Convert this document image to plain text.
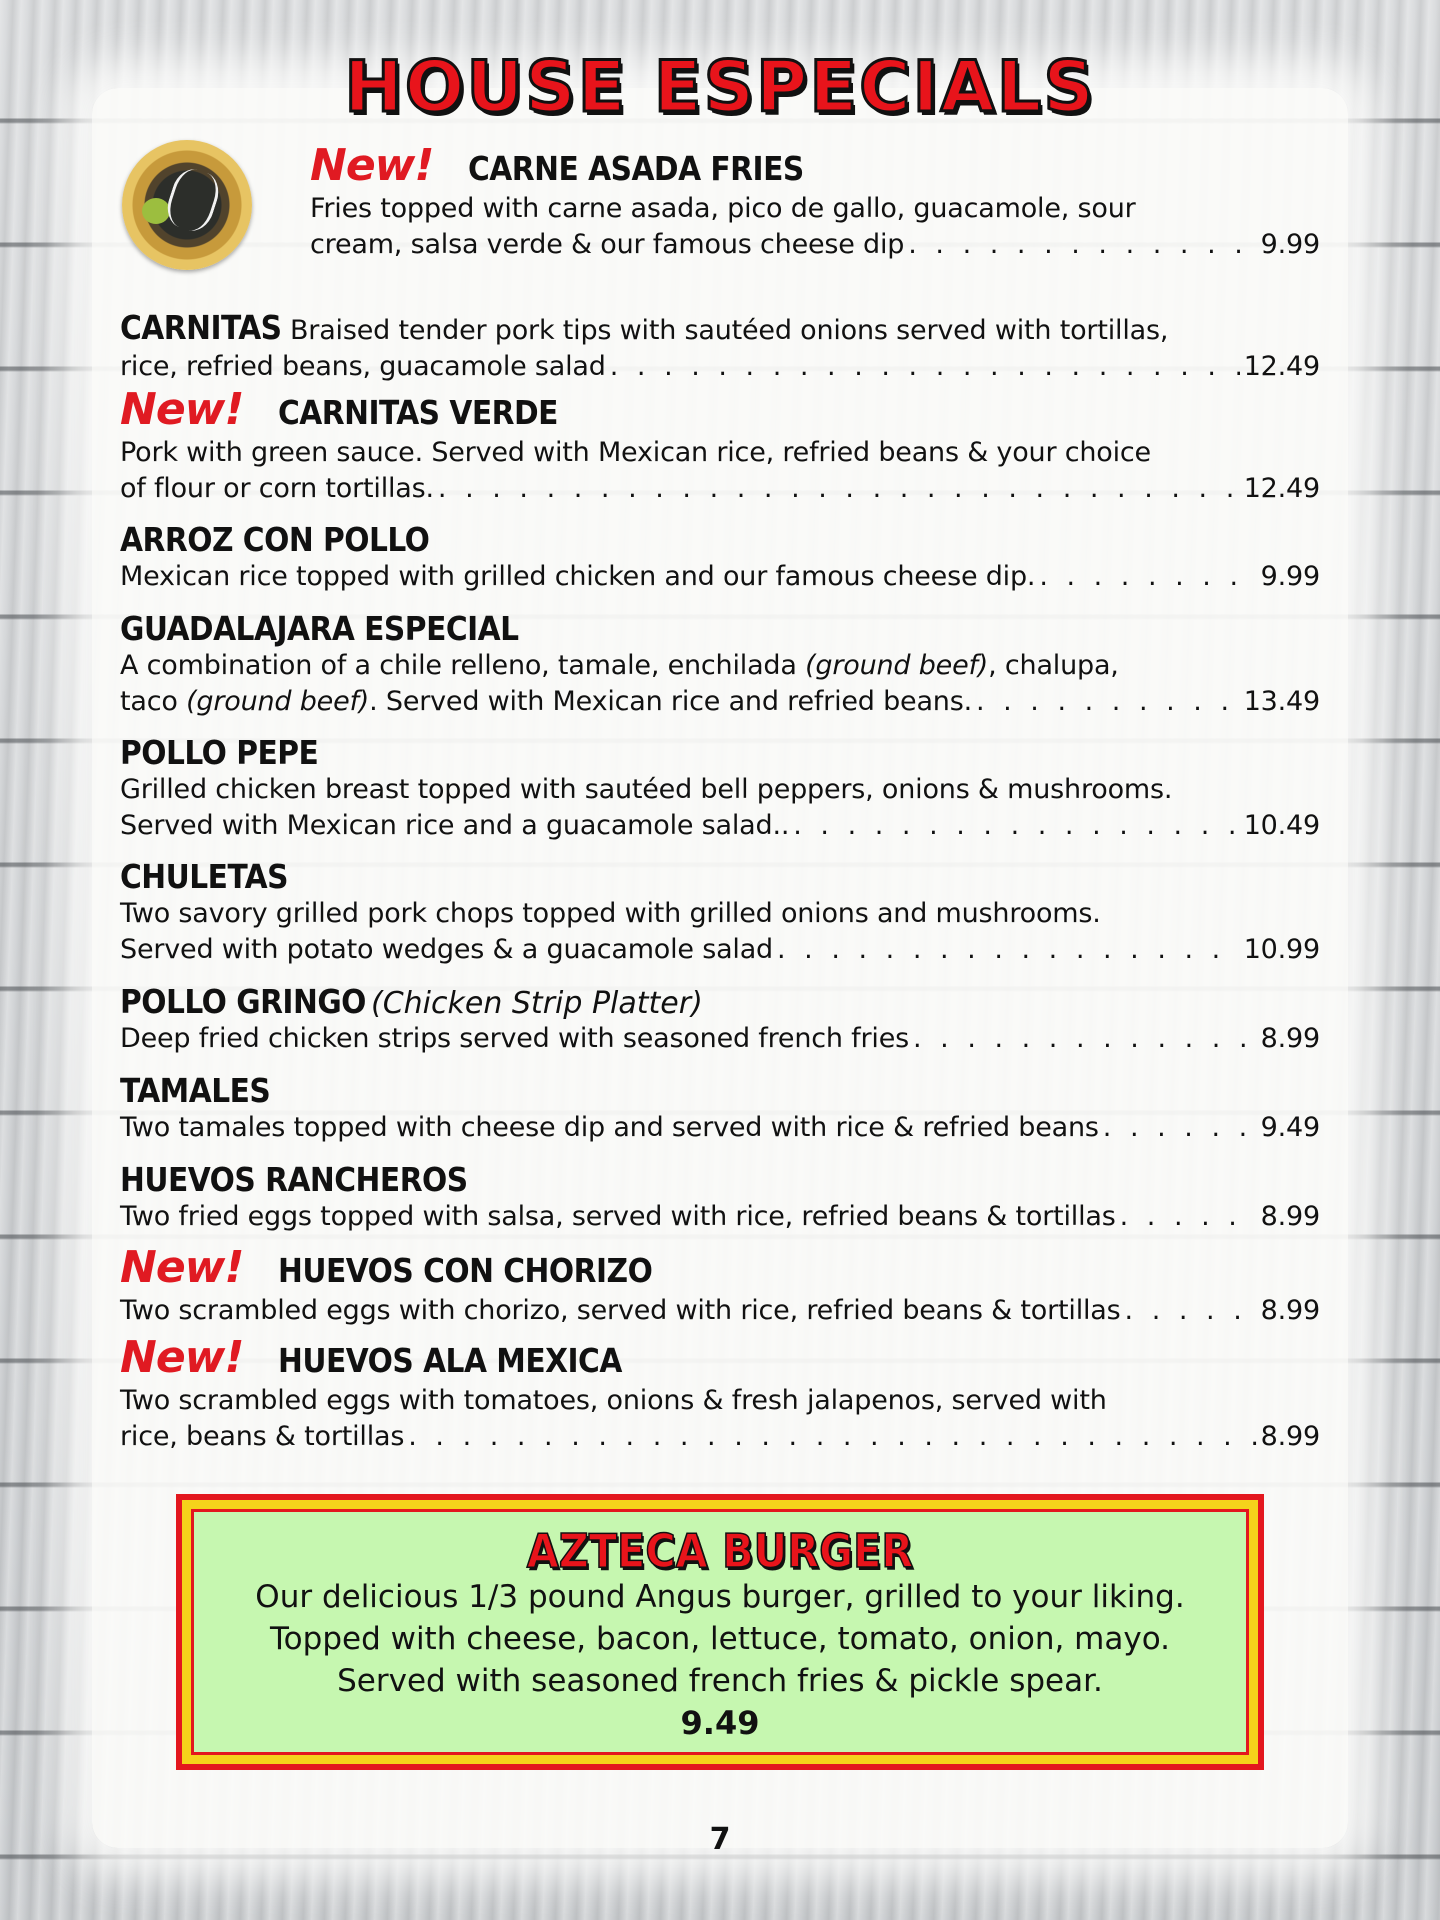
HOUSE ESPECIALS
New!	CARNE ASADA FRIES
Fries topped with carne asada, pico de gallo, guacamole, sour
cream, salsa verde & our famous cheese dip . . .	9.99
CARNITAS Braised tender pork tips with sautéed onions served with tortillas,
rice, refried beans, guacamole salad . . .	12.49
New!	CARNITAS VERDE
Pork with green sauce. Served with Mexican rice, refried beans & your choice
of flour or corn tortillas. . . .	12.49
ARROZ CON POLLO
Mexican rice topped with grilled chicken and our famous cheese dip. . . .	9.99
GUADALAJARA ESPECIAL
A combination of a chile relleno, tamale, enchilada (ground beef), chalupa,
taco (ground beef). Served with Mexican rice and refried beans. . . .	13.49
POLLO PEPE
Grilled chicken breast topped with sautéed bell peppers, onions & mushrooms.
Served with Mexican rice and a guacamole salad.. . . .	10.49
CHULETAS
Two savory grilled pork chops topped with grilled onions and mushrooms.
Served with potato wedges & a guacamole salad . . .	10.99
POLLO GRINGO (Chicken Strip Platter)
Deep fried chicken strips served with seasoned french fries . . .	8.99
TAMALES
Two tamales topped with cheese dip and served with rice & refried beans . . .	9.49
HUEVOS RANCHEROS
Two fried eggs topped with salsa, served with rice, refried beans & tortillas . . .	8.99
New!	HUEVOS CON CHORIZO
Two scrambled eggs with chorizo, served with rice, refried beans & tortillas . . .	8.99
New!	HUEVOS ALA MEXICA
Two scrambled eggs with tomatoes, onions & fresh jalapenos, served with
rice, beans & tortillas . . .	8.99
AZTECA BURGER
Our delicious 1/3 pound Angus burger, grilled to your liking.
Topped with cheese, bacon, lettuce, tomato, onion, mayo.
Served with seasoned french fries & pickle spear.
9.49
7
